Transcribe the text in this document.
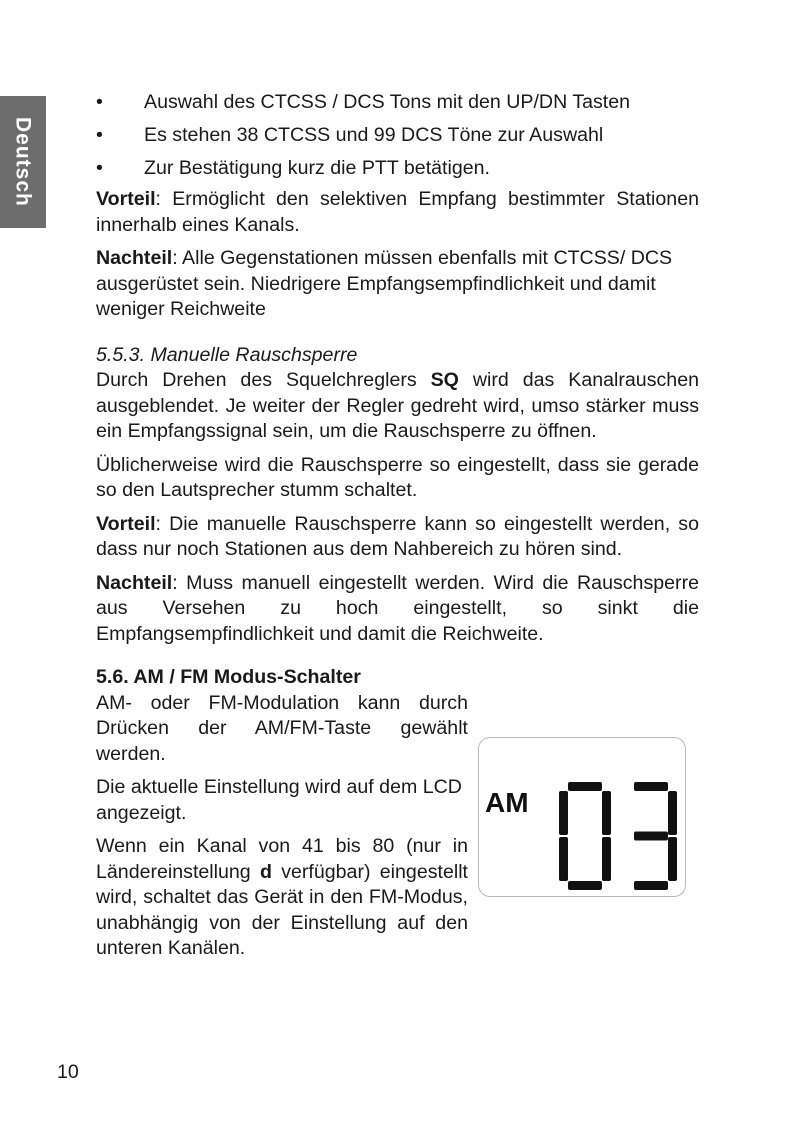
Deutsch
• Auswahl des CTCSS / DCS Tons mit den UP/DN Tasten
• Es stehen 38 CTCSS und 99 DCS Töne zur Auswahl
• Zur Bestätigung kurz die PTT betätigen.

Vorteil: Ermöglicht den selektiven Empfang bestimmter Stationen innerhalb eines Kanals.

Nachteil: Alle Gegenstationen müssen ebenfalls mit CTCSS/ DCS ausgerüstet sein. Niedrigere Empfangsempfindlichkeit und damit weniger Reichweite

5.5.3. Manuelle Rauschsperre

Durch Drehen des Squelchreglers SQ wird das Kanalrauschen ausgeblendet. Je weiter der Regler gedreht wird, umso stärker muss ein Empfangssignal sein, um die Rauschsperre zu öffnen.

Üblicherweise wird die Rauschsperre so eingestellt, dass sie gerade so den Lautsprecher stumm schaltet.

Vorteil: Die manuelle Rauschsperre kann so eingestellt werden, so dass nur noch Stationen aus dem Nahbereich zu hören sind.

Nachteil: Muss manuell eingestellt werden. Wird die Rauschsperre aus Versehen zu hoch eingestellt, so sinkt die Empfangsempfindlichkeit und damit die Reichweite.

5.6. AM / FM Modus-Schalter

AM- oder FM-Modulation kann durch Drücken der AM/FM-Taste gewählt werden.

Die aktuelle Einstellung wird auf dem LCD angezeigt.

Wenn ein Kanal von 41 bis 80 (nur in Ländereinstellung d verfügbar) eingestellt wird, schaltet das Gerät in den FM-Modus, unabhängig von der Einstellung auf den unteren Kanälen.

AM
10
